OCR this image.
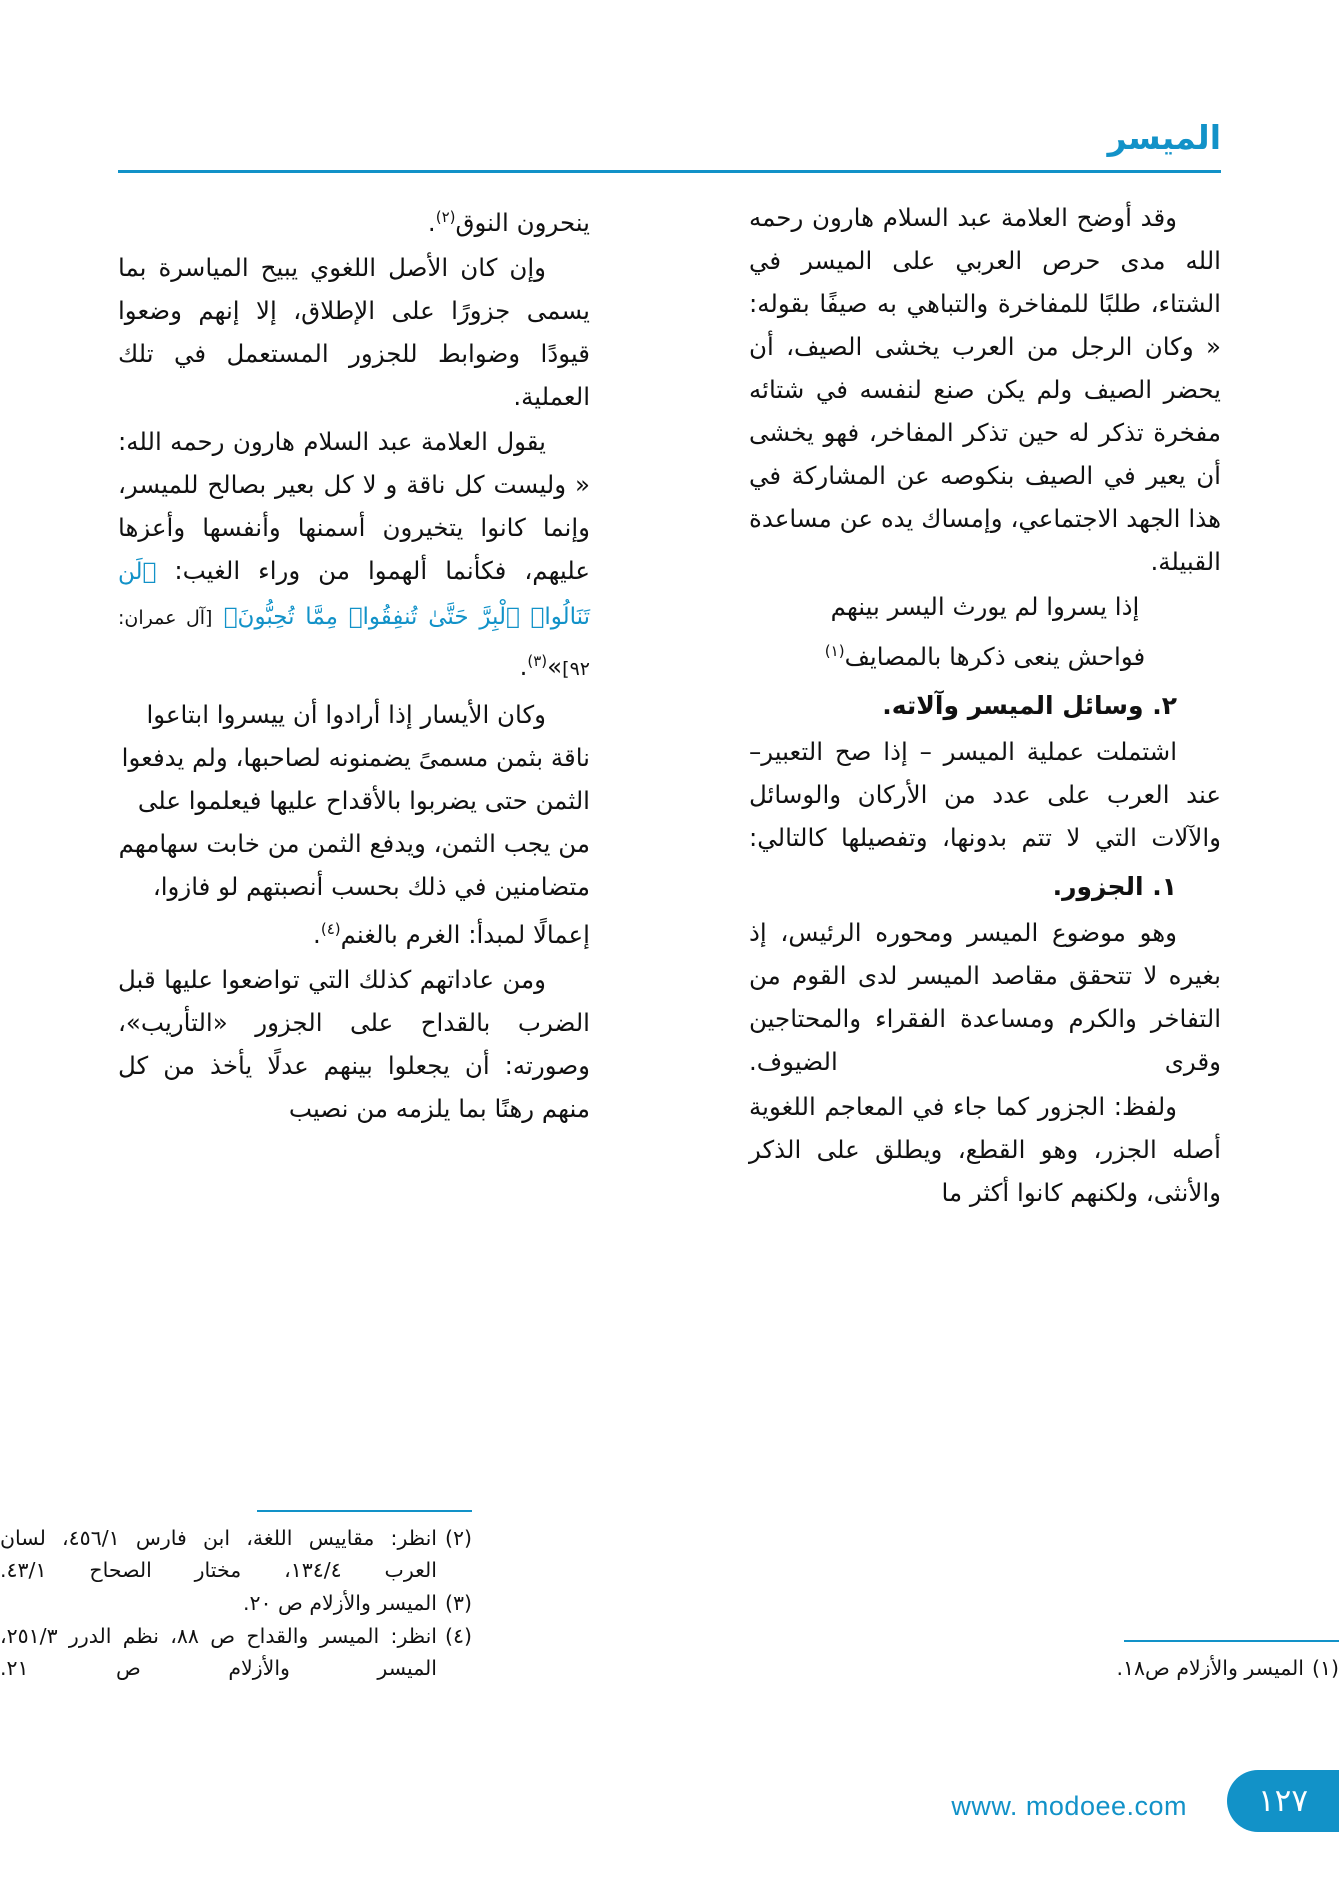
الميسر

وقد أوضح العلامة عبد السلام هارون رحمه الله مدى حرص العربي على الميسر في الشتاء، طلبًا للمفاخرة والتباهي به صيفًا بقوله: « وكان الرجل من العرب يخشى الصيف، أن يحضر الصيف ولم يكن صنع لنفسه في شتائه مفخرة تذكر له حين تذكر المفاخر، فهو يخشى أن يعير في الصيف بنكوصه عن المشاركة في هذا الجهد الاجتماعي، وإمساك يده عن مساعدة القبيلة.

إذا يسروا لم يورث اليسر بينهم

فواحش ينعى ذكرها بالمصايف$^{(١)}$

٢. وسائل الميسر وآلاته.

اشتملت عملية الميسر – إذا صح التعبير– عند العرب على عدد من الأركان والوسائل والآلات التي لا تتم بدونها، وتفصيلها كالتالي:

١. الجزور.

وهو موضوع الميسر ومحوره الرئيس، إذ بغيره لا تتحقق مقاصد الميسر لدى القوم من التفاخر والكرم ومساعدة الفقراء والمحتاجين وقرى الضيوف.

ولفظ: الجزور كما جاء في المعاجم اللغوية أصله الجزر، وهو القطع، ويطلق على الذكر والأنثى، ولكنهم كانوا أكثر ما

ينحرون النوق$^{(٢)}$.

وإن كان الأصل اللغوي يبيح المياسرة بما يسمى جزورًا على الإطلاق، إلا إنهم وضعوا قيودًا وضوابط للجزور المستعمل في تلك العملية.

يقول العلامة عبد السلام هارون رحمه الله: « وليست كل ناقة و لا كل بعير بصالح للميسر، وإنما كانوا يتخيرون أسمنها وأنفسها وأعزها عليهم، فكأنما ألهموا من وراء الغيب: ﴿لَن تَنَالُوا۟ ٱلْبِرَّ حَتَّىٰ تُنفِقُوا۟ مِمَّا تُحِبُّونَ﴾ [آل عمران: ٩٢]»$^{(٣)}$.

وكان الأيسار إذا أرادوا أن ييسروا ابتاعوا ناقة بثمن مسمىً يضمنونه لصاحبها، ولم يدفعوا الثمن حتى يضربوا بالأقداح عليها فيعلموا على من يجب الثمن، ويدفع الثمن من خابت سهامهم متضامنين في ذلك بحسب أنصبتهم لو فازوا، إعمالًا لمبدأ: الغرم بالغنم$^{(٤)}$.

ومن عاداتهم كذلك التي تواضعوا عليها قبل الضرب بالقداح على الجزور «التأريب»، وصورته: أن يجعلوا بينهم عدلًا يأخذ من كل منهم رهنًا بما يلزمه من نصيب

(١)
الميسر والأزلام ص١٨.
(٢)
انظر: مقاييس اللغة، ابن فارس ٤٥٦/١، لسان العرب ١٣٤/٤، مختار الصحاح ٤٣/١.
(٣)
الميسر والأزلام ص ٢٠.
(٤)
انظر: الميسر والقداح ص ٨٨، نظم الدرر ٢٥١/٣، الميسر والأزلام ص ٢١.
١٢٧
www. modoee.com
